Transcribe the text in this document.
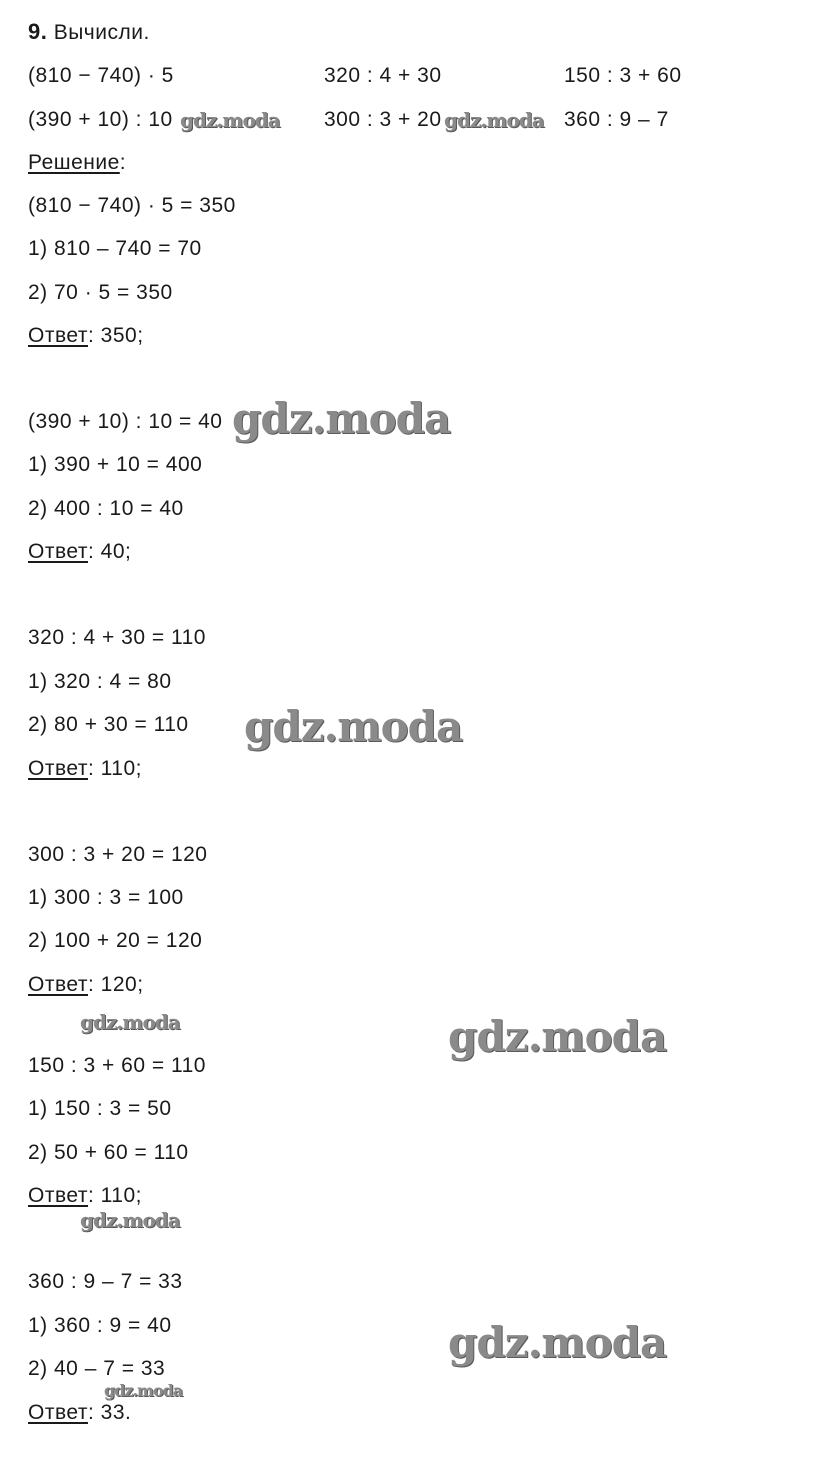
9. Вычисли.
(810 − 740) · 5	320 : 4 + 30	150 : 3 + 60
(390 + 10) : 10	300 : 3 + 20	360 : 9 – 7
Решение:
(810 − 740) · 5 = 350
1) 810 – 740 = 70
2) 70 · 5 = 350
Ответ: 350;
(390 + 10) : 10 = 40
1) 390 + 10 = 400
2) 400 : 10 = 40
Ответ: 40;
320 : 4 + 30 = 110
1) 320 : 4 = 80
2) 80 + 30 = 110
Ответ: 110;
300 : 3 + 20 = 120
1) 300 : 3 = 100
2) 100 + 20 = 120
Ответ: 120;
150 : 3 + 60 = 110
1) 150 : 3 = 50
2) 50 + 60 = 110
Ответ: 110;
360 : 9 – 7 = 33
1) 360 : 9 = 40
2) 40 – 7 = 33
Ответ: 33.
gdz.moda	gdz.moda
gdz.moda
gdz.moda
gdz.moda
gdz.moda
gdz.moda
gdz.moda
gdz.moda
